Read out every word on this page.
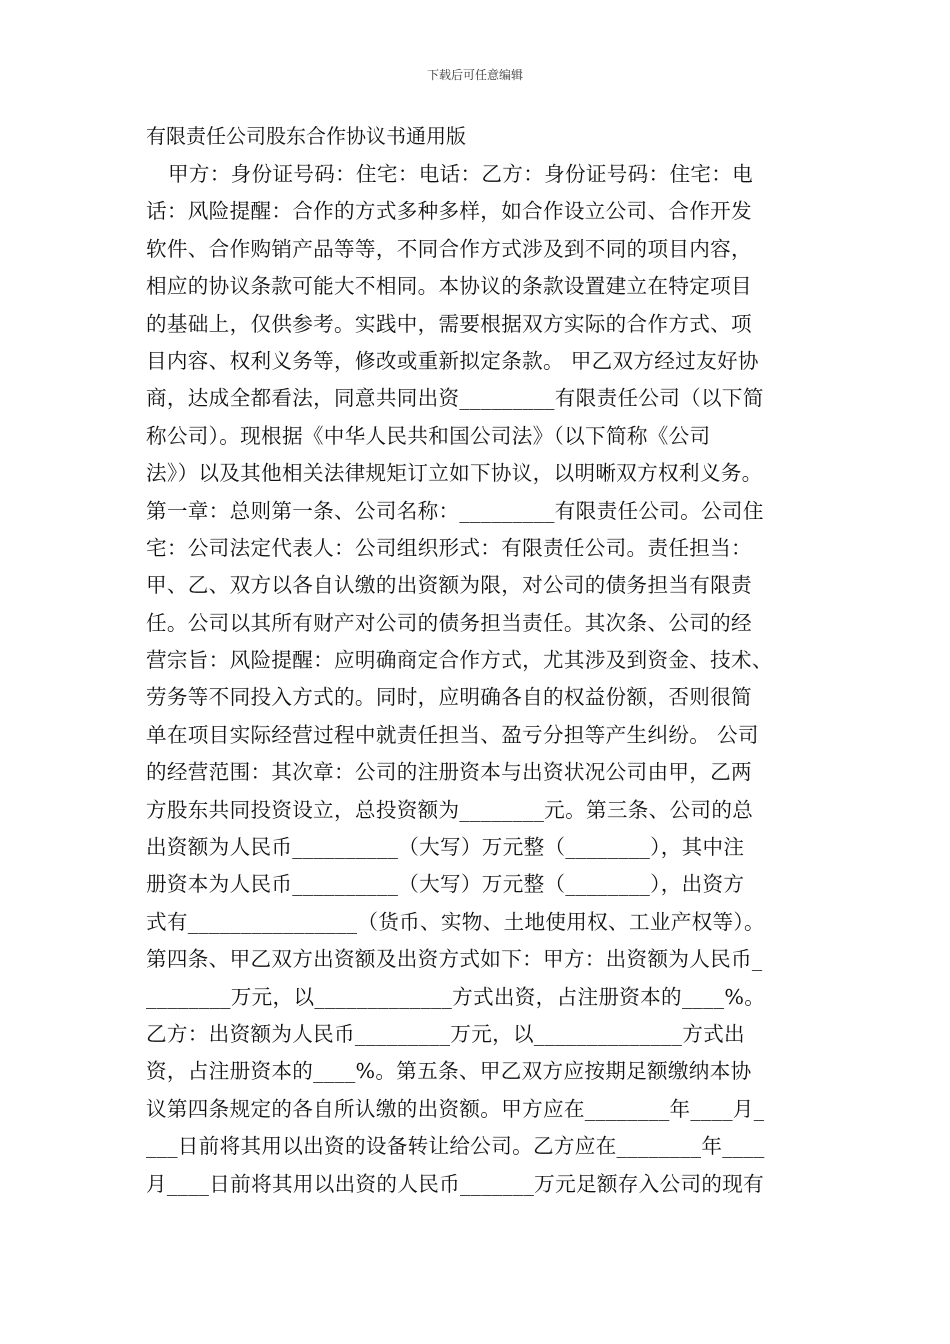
下载后可任意编辑
有限责任公司股东合作协议书通用版
甲方：身份证号码：住宅：电话：乙方：身份证号码：住宅：电
话：风险提醒：合作的方式多种多样，如合作设立公司、合作开发
软件、合作购销产品等等，不同合作方式涉及到不同的项目内容，
相应的协议条款可能大不相同。本协议的条款设置建立在特定项目
的基础上，仅供参考。实践中，需要根据双方实际的合作方式、项
目内容、权利义务等，修改或重新拟定条款。 甲乙双方经过友好协
商，达成全都看法，同意共同出资_________有限责任公司（以下简
称公司）。现根据《中华人民共和国公司法》（以下简称《公司
法》）以及其他相关法律规矩订立如下协议，以明晰双方权利义务。
第一章：总则第一条、公司名称：_________有限责任公司。公司住
宅：公司法定代表人：公司组织形式：有限责任公司。责任担当：
甲、乙、双方以各自认缴的出资额为限，对公司的债务担当有限责
任。公司以其所有财产对公司的债务担当责任。其次条、公司的经
营宗旨：风险提醒：应明确商定合作方式，尤其涉及到资金、技术、
劳务等不同投入方式的。同时，应明确各自的权益份额，否则很简
单在项目实际经营过程中就责任担当、盈亏分担等产生纠纷。 公司
的经营范围：其次章：公司的注册资本与出资状况公司由甲，乙两
方股东共同投资设立，总投资额为________元。第三条、公司的总
出资额为人民币__________（大写）万元整（________），其中注
册资本为人民币__________（大写）万元整（________），出资方
式有________________（货币、实物、土地使用权、工业产权等）。
第四条、甲乙双方出资额及出资方式如下：甲方：出资额为人民币_
________万元，以_____________方式出资，占注册资本的____%。
乙方：出资额为人民币_________万元，以______________方式出
资，占注册资本的____%。第五条、甲乙双方应按期足额缴纳本协
议第四条规定的各自所认缴的出资额。甲方应在________年____月_
___日前将其用以出资的设备转让给公司。乙方应在________年____
月____日前将其用以出资的人民币_______万元足额存入公司的现有
